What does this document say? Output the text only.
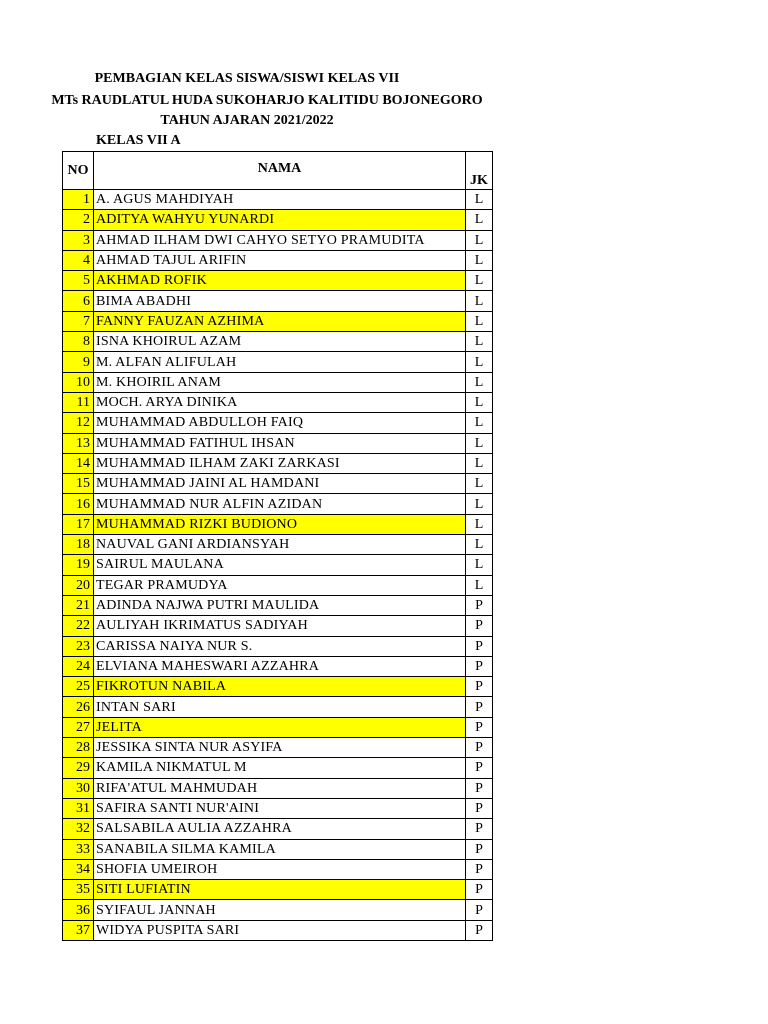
PEMBAGIAN KELAS SISWA/SISWI KELAS VII
MTs RAUDLATUL HUDA SUKOHARJO KALITIDU BOJONEGORO
TAHUN AJARAN 2021/2022
KELAS VII A
NO	NAMA	JK
1	A. AGUS MAHDIYAH	L
2	ADITYA WAHYU YUNARDI	L
3	AHMAD ILHAM DWI CAHYO SETYO PRAMUDITA	L
4	AHMAD TAJUL ARIFIN	L
5	AKHMAD ROFIK	L
6	BIMA ABADHI	L
7	FANNY FAUZAN AZHIMA	L
8	ISNA KHOIRUL AZAM	L
9	M. ALFAN ALIFULAH	L
10	M. KHOIRIL ANAM	L
11	MOCH. ARYA DINIKA	L
12	MUHAMMAD ABDULLOH FAIQ	L
13	MUHAMMAD FATIHUL IHSAN	L
14	MUHAMMAD ILHAM ZAKI ZARKASI	L
15	MUHAMMAD JAINI AL HAMDANI	L
16	MUHAMMAD NUR ALFIN AZIDAN	L
17	MUHAMMAD RIZKI BUDIONO	L
18	NAUVAL GANI ARDIANSYAH	L
19	SAIRUL MAULANA	L
20	TEGAR PRAMUDYA	L
21	ADINDA NAJWA PUTRI MAULIDA	P
22	AULIYAH IKRIMATUS SADIYAH	P
23	CARISSA NAIYA NUR S.	P
24	ELVIANA MAHESWARI AZZAHRA	P
25	FIKROTUN NABILA	P
26	INTAN SARI	P
27	JELITA	P
28	JESSIKA SINTA NUR ASYIFA	P
29	KAMILA NIKMATUL M	P
30	RIFA'ATUL MAHMUDAH	P
31	SAFIRA SANTI NUR'AINI	P
32	SALSABILA AULIA AZZAHRA	P
33	SANABILA SILMA KAMILA	P
34	SHOFIA UMEIROH	P
35	SITI LUFIATIN	P
36	SYIFAUL JANNAH	P
37	WIDYA PUSPITA SARI	P
